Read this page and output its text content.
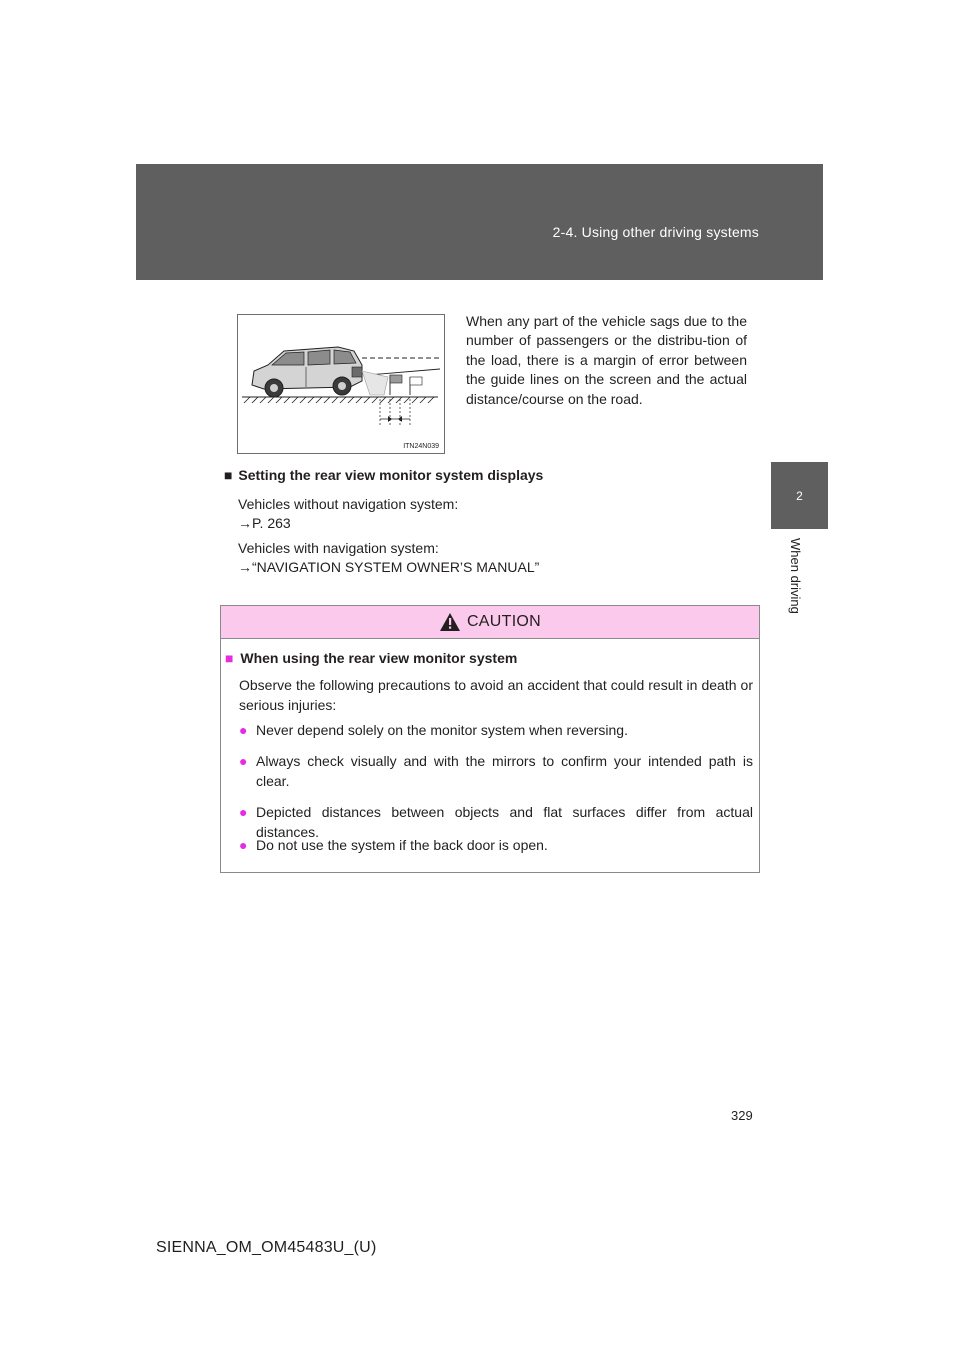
2-4. Using other driving systems
2
When driving
ITN24N039
When any part of the vehicle sags due to the number of passengers or the distribu-tion of the load, there is a margin of error between the guide lines on the screen and the actual distance/course on the road.
■ Setting the rear view monitor system displays
Vehicles without navigation system:
→P. 263
Vehicles with navigation system:
→“NAVIGATION SYSTEM OWNER’S MANUAL”
CAUTION
■ When using the rear view monitor system
Observe the following precautions to avoid an accident that could result in death or serious injuries:
● Never depend solely on the monitor system when reversing.
● Always check visually and with the mirrors to confirm your intended path is clear.
● Depicted distances between objects and flat surfaces differ from actual distances.
● Do not use the system if the back door is open.
329
SIENNA_OM_OM45483U_(U)
